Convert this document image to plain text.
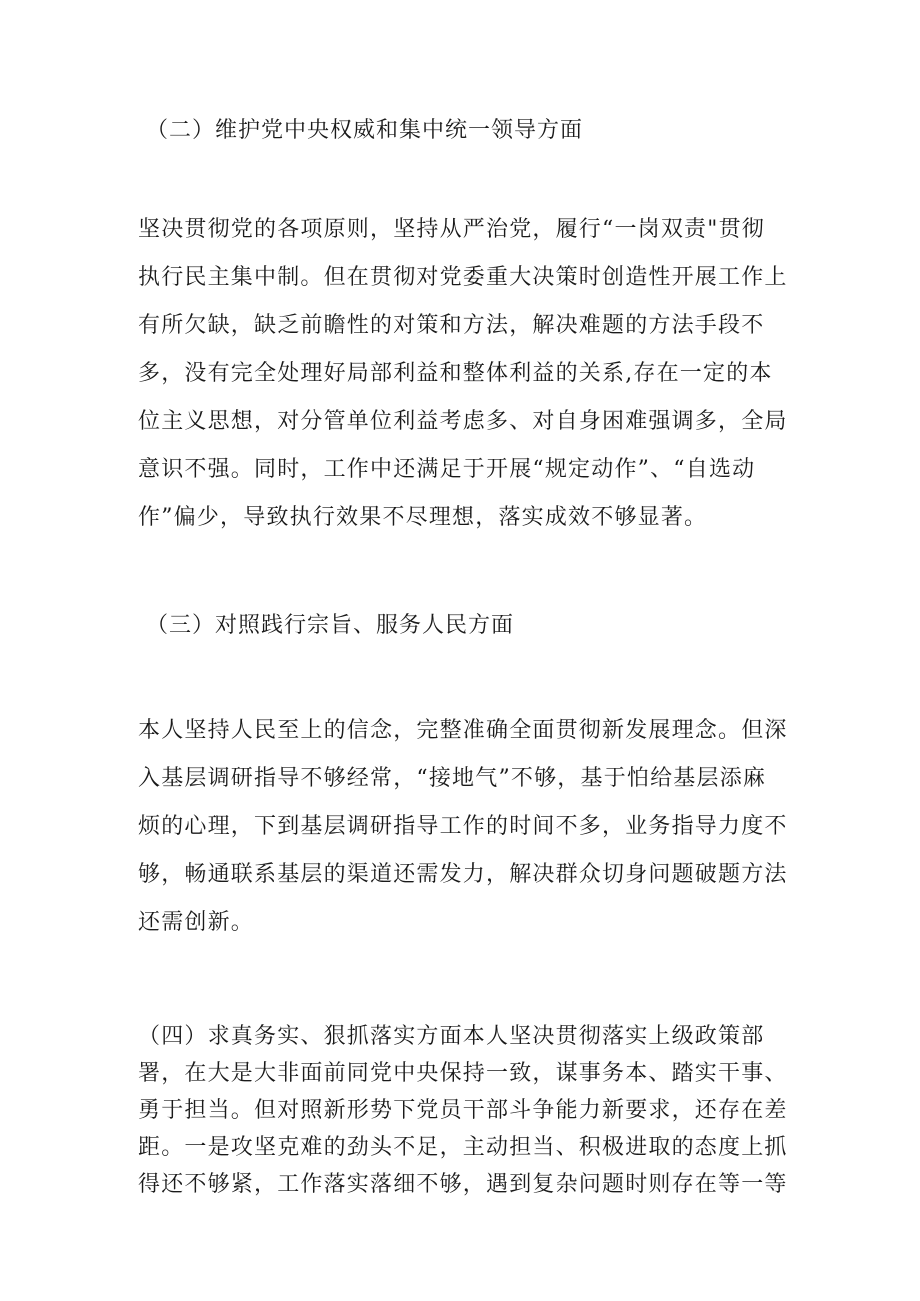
（二）维护党中央权威和集中统一领导方面
坚决贯彻党的各项原则，坚持从严治党，履行“一岗双责"贯彻
执行民主集中制。但在贯彻对党委重大决策时创造性开展工作上
有所欠缺，缺乏前瞻性的对策和方法，解决难题的方法手段不
多，没有完全处理好局部利益和整体利益的关系,存在一定的本
位主义思想，对分管单位利益考虑多、对自身困难强调多，全局
意识不强。同时，工作中还满足于开展“规定动作”、“自选动
作”偏少，导致执行效果不尽理想，落实成效不够显著。
（三）对照践行宗旨、服务人民方面
本人坚持人民至上的信念，完整准确全面贯彻新发展理念。但深
入基层调研指导不够经常，“接地气”不够，基于怕给基层添麻
烦的心理，下到基层调研指导工作的时间不多，业务指导力度不
够，畅通联系基层的渠道还需发力，解决群众切身问题破题方法
还需创新。
（四）求真务实、狠抓落实方面本人坚决贯彻落实上级政策部
署，在大是大非面前同党中央保持一致，谋事务本、踏实干事、
勇于担当。但对照新形势下党员干部斗争能力新要求，还存在差
距。一是攻坚克难的劲头不足，主动担当、积极进取的态度上抓
得还不够紧，工作落实落细不够，遇到复杂问题时则存在等一等
